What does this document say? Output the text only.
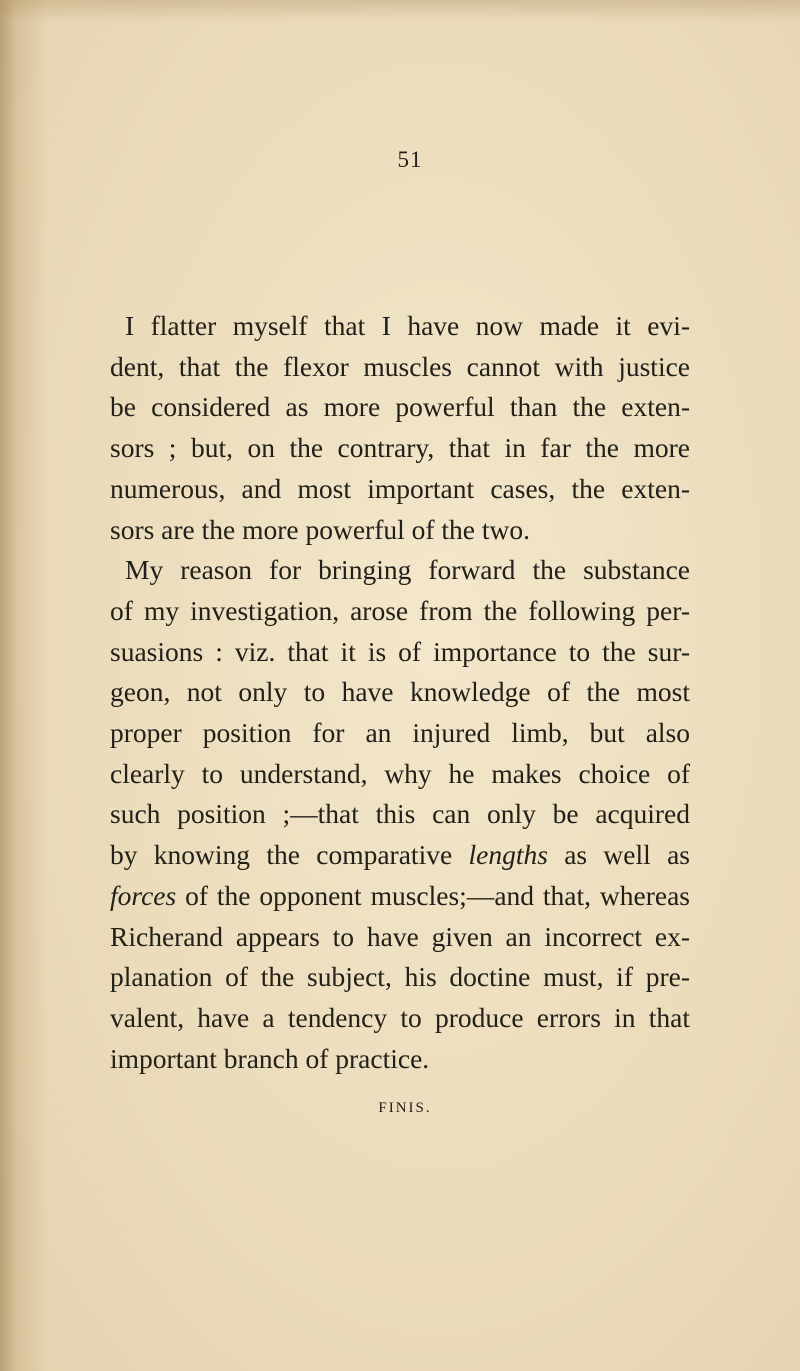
51
I flatter myself that I have now made it evi-
dent, that the flexor muscles cannot with justice
be considered as more powerful than the exten-
sors ; but, on the contrary, that in far the more
numerous, and most important cases, the exten-
sors are the more powerful of the two.
My reason for bringing forward the substance
of my investigation, arose from the following per-
suasions : viz. that it is of importance to the sur-
geon, not only to have knowledge of the most
proper position for an injured limb, but also
clearly to understand, why he makes choice of
such position ;—that this can only be acquired
by knowing the comparative lengths as well as
forces of the opponent muscles;—and that, whereas
Richerand appears to have given an incorrect ex-
planation of the subject, his doctine must, if pre-
valent, have a tendency to produce errors in that
important branch of practice.
FINIS.
